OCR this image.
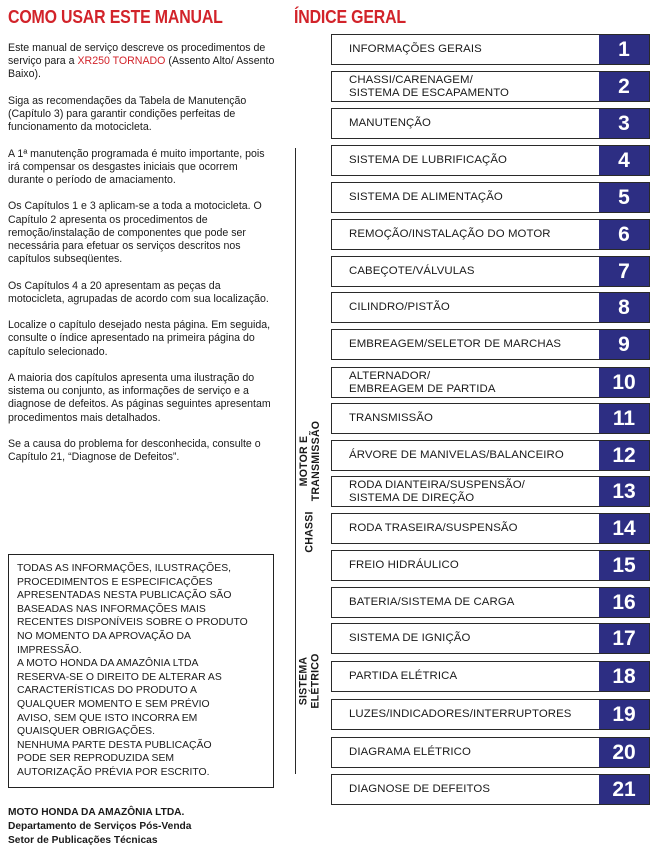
COMO USAR ESTE MANUAL

Este manual de serviço descreve os procedimentos de serviço para a XR250 TORNADO (Assento Alto/ Assento Baixo).

Siga as recomendações da Tabela de Manutenção (Capítulo 3) para garantir condições perfeitas de funcionamento da motocicleta.

A 1ª manutenção programada é muito importante, pois irá compensar os desgastes iniciais que ocorrem durante o período de amaciamento.

Os Capítulos 1 e 3 aplicam-se a toda a motocicleta. O Capítulo 2 apresenta os procedimentos de remoção/instalação de componentes que pode ser necessária para efetuar os serviços descritos nos capítulos subseqüentes.

Os Capítulos 4 a 20 apresentam as peças da motocicleta, agrupadas de acordo com sua localização.

Localize o capítulo desejado nesta página. Em seguida, consulte o índice apresentado na primeira página do capítulo selecionado.

A maioria dos capítulos apresenta uma ilustração do sistema ou conjunto, as informações de serviço e a diagnose de defeitos. As páginas seguintes apresentam procedimentos mais detalhados.

Se a causa do problema for desconhecida, consulte o Capítulo 21, “Diagnose de Defeitos”.

TODAS AS INFORMAÇÕES, ILUSTRAÇÕES,
PROCEDIMENTOS E ESPECIFICAÇÕES
APRESENTADAS NESTA PUBLICAÇÃO SÃO
BASEADAS NAS INFORMAÇÕES MAIS
RECENTES DISPONÍVEIS SOBRE O PRODUTO
NO MOMENTO DA APROVAÇÃO DA
IMPRESSÃO.
A MOTO HONDA DA AMAZÔNIA LTDA
RESERVA-SE O DIREITO DE ALTERAR AS
CARACTERÍSTICAS DO PRODUTO A
QUALQUER MOMENTO E SEM PRÉVIO
AVISO, SEM QUE ISTO INCORRA EM
QUAISQUER OBRIGAÇÕES.
NENHUMA PARTE DESTA PUBLICAÇÃO
PODE SER REPRODUZIDA SEM
AUTORIZAÇÃO PRÉVIA POR ESCRITO.
MOTO HONDA DA AMAZÔNIA LTDA.
Departamento de Serviços Pós-Venda
Setor de Publicações Técnicas
ÍNDICE GERAL
MOTOR E TRANSMISSÃO
CHASSI
SISTEMA
ELÉTRICO
INFORMAÇÕES GERAIS	1
CHASSI/CARENAGEM/
SISTEMA DE ESCAPAMENTO	2
MANUTENÇÃO	3
SISTEMA DE LUBRIFICAÇÃO	4
SISTEMA DE ALIMENTAÇÃO	5
REMOÇÃO/INSTALAÇÃO DO MOTOR	6
CABEÇOTE/VÁLVULAS	7
CILINDRO/PISTÃO	8
EMBREAGEM/SELETOR DE MARCHAS	9
ALTERNADOR/
EMBREAGEM DE PARTIDA	10
TRANSMISSÃO	11
ÁRVORE DE MANIVELAS/BALANCEIRO	12
RODA DIANTEIRA/SUSPENSÃO/
SISTEMA DE DIREÇÃO	13
RODA TRASEIRA/SUSPENSÃO	14
FREIO HIDRÁULICO	15
BATERIA/SISTEMA DE CARGA	16
SISTEMA DE IGNIÇÃO	17
PARTIDA ELÉTRICA	18
LUZES/INDICADORES/INTERRUPTORES	19
DIAGRAMA ELÉTRICO	20
DIAGNOSE DE DEFEITOS	21
